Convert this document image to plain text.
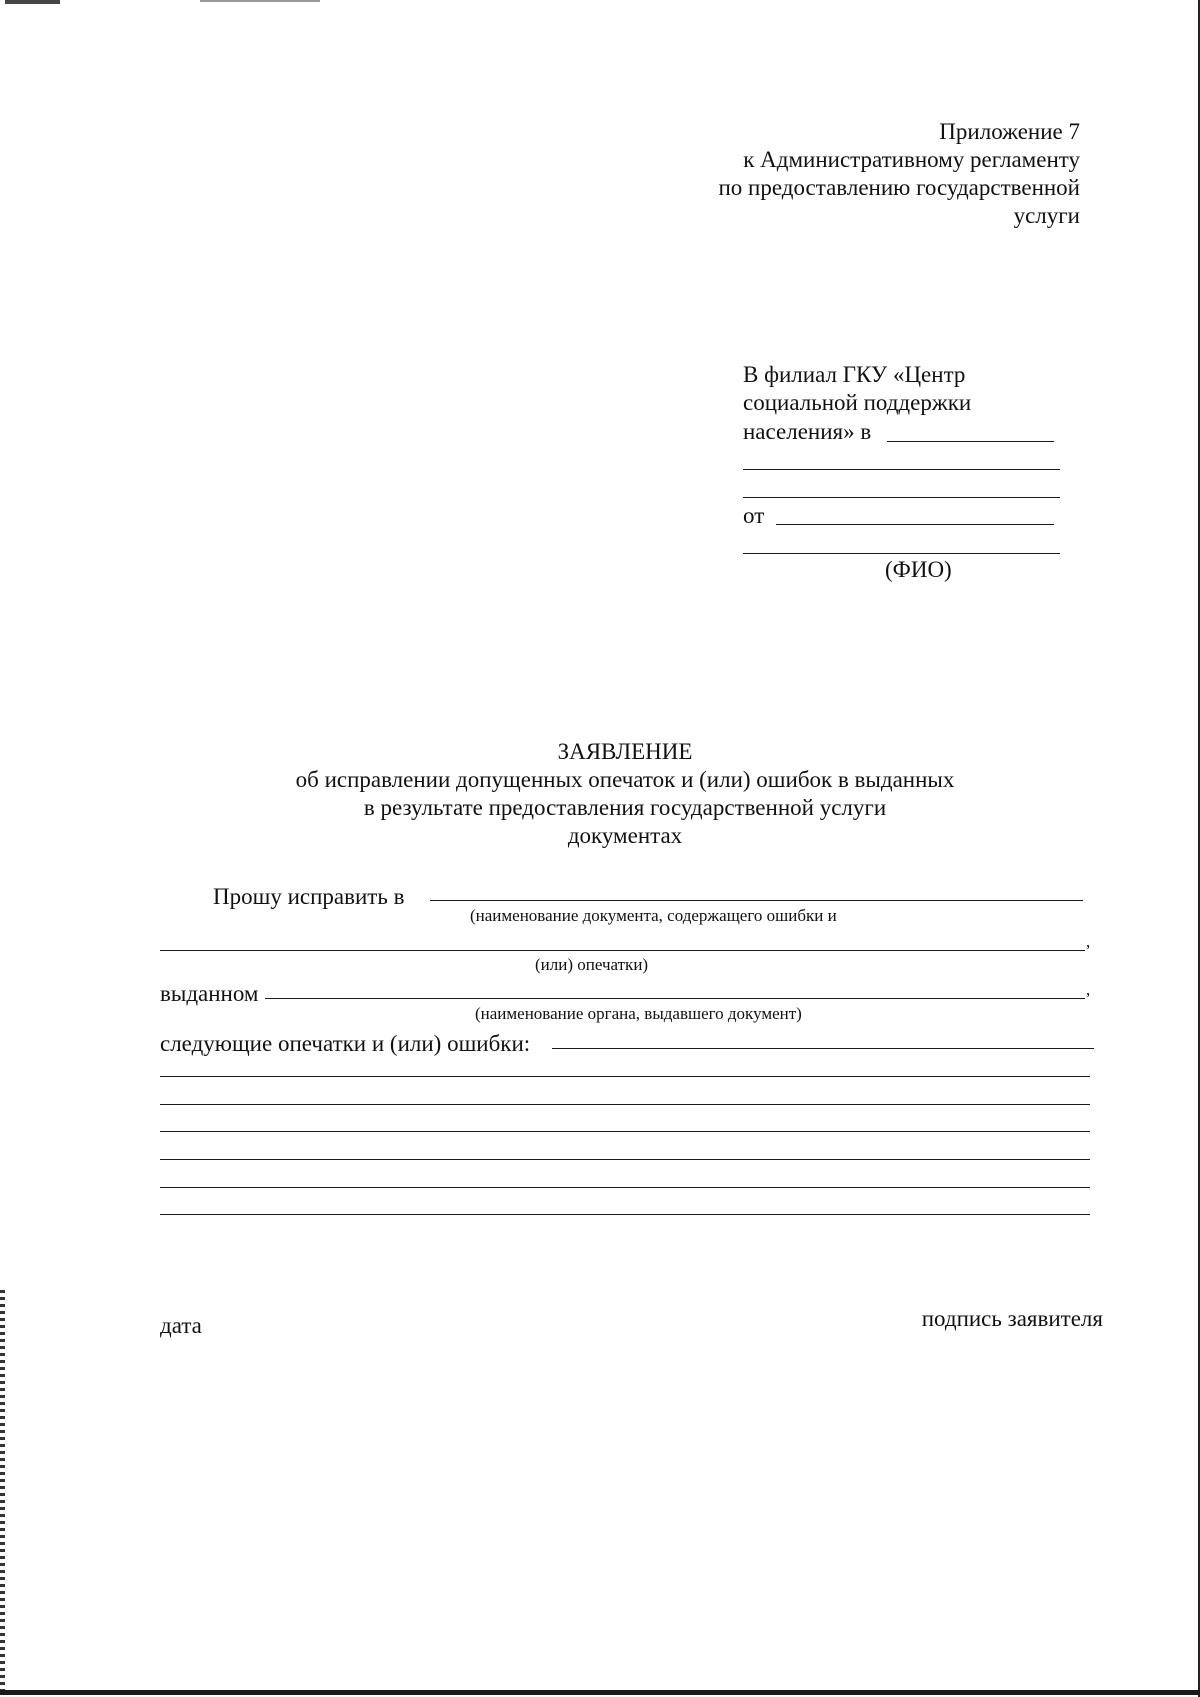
Приложение 7
к Административному регламенту
по предоставлению государственной
услуги
В филиал ГКУ «Центр
социальной поддержки
населения» в
от
(ФИО)
ЗАЯВЛЕНИЕ
об исправлении допущенных опечаток и (или) ошибок в выданных
в результате предоставления государственной услуги
документах
Прошу исправить в
(наименование документа, содержащего ошибки и
,
(или) опечатки)
выданном	,
(наименование органа, выдавшего документ)
следующие опечатки и (или) ошибки:
дата	подпись заявителя
